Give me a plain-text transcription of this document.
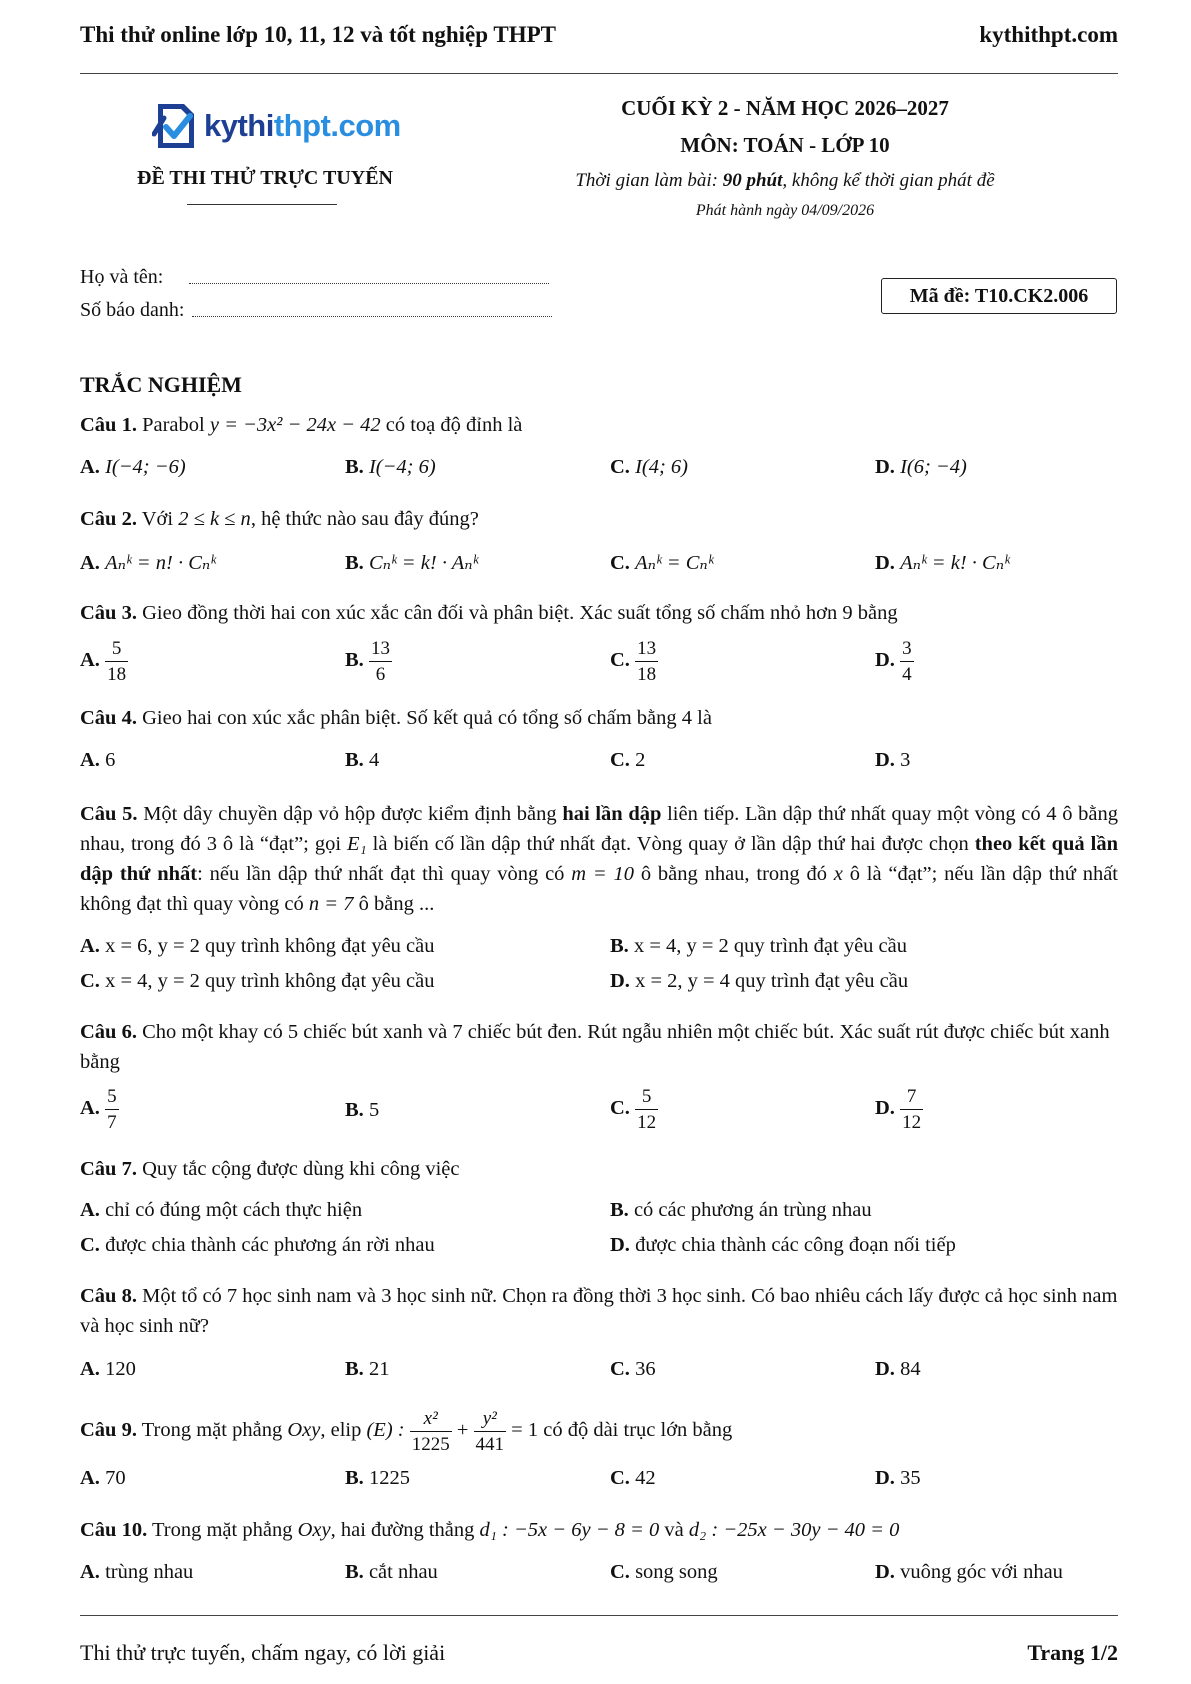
Thi thử online lớp 10, 11, 12 và tốt nghiệp THPT	kythithpt.com
kythithpt.com
ĐỀ THI THỬ TRỰC TUYẾN
CUỐI KỲ 2 - NĂM HỌC 2026–2027
MÔN: TOÁN - LỚP 10
Thời gian làm bài: 90 phút, không kể thời gian phát đề
Phát hành ngày 04/09/2026
Họ và tên:
Số báo danh:
Mã đề: T10.CK2.006
TRẮC NGHIỆM
Câu 1. Parabol y = −3x² − 24x − 42 có toạ độ đỉnh là
A. I(−4; −6)	B. I(−4; 6)	C. I(4; 6)	D. I(6; −4)
Câu 2. Với 2 ≤ k ≤ n, hệ thức nào sau đây đúng?
A. Aₙᵏ = n! · Cₙᵏ	B. Cₙᵏ = k! · Aₙᵏ	C. Aₙᵏ = Cₙᵏ	D. Aₙᵏ = k! · Cₙᵏ
Câu 3. Gieo đồng thời hai con xúc xắc cân đối và phân biệt. Xác suất tổng số chấm nhỏ hơn 9 bằng
A. $\frac{5}{18}$	B. $\frac{13}{6}$	C. $\frac{13}{18}$	D. $\frac{3}{4}$
Câu 4. Gieo hai con xúc xắc phân biệt. Số kết quả có tổng số chấm bằng 4 là
A. 6	B. 4	C. 2	D. 3
Câu 5. Một dây chuyền dập vỏ hộp được kiểm định bằng hai lần dập liên tiếp. Lần dập thứ nhất quay một vòng có 4 ô bằng nhau, trong đó 3 ô là “đạt”; gọi E₁ là biến cố lần dập thứ nhất đạt. Vòng quay ở lần dập thứ hai được chọn theo kết quả lần dập thứ nhất: nếu lần dập thứ nhất đạt thì quay vòng có m = 10 ô bằng nhau, trong đó x ô là “đạt”; nếu lần dập thứ nhất không đạt thì quay vòng có n = 7 ô bằng ...
A. x = 6, y = 2 quy trình không đạt yêu cầu	B. x = 4, y = 2 quy trình đạt yêu cầu
C. x = 4, y = 2 quy trình không đạt yêu cầu	D. x = 2, y = 4 quy trình đạt yêu cầu
Câu 6. Cho một khay có 5 chiếc bút xanh và 7 chiếc bút đen. Rút ngẫu nhiên một chiếc bút. Xác suất rút được chiếc bút xanh bằng
A. $\frac{5}{7}$	B. 5	C. $\frac{5}{12}$	D. $\frac{7}{12}$
Câu 7. Quy tắc cộng được dùng khi công việc
A. chỉ có đúng một cách thực hiện	B. có các phương án trùng nhau
C. được chia thành các phương án rời nhau	D. được chia thành các công đoạn nối tiếp
Câu 8. Một tổ có 7 học sinh nam và 3 học sinh nữ. Chọn ra đồng thời 3 học sinh. Có bao nhiêu cách lấy được cả học sinh nam và học sinh nữ?
A. 120	B. 21	C. 36	D. 84
Câu 9. Trong mặt phẳng Oxy, elip (E) : $\frac{\text{x²}}{1225} + \frac{\text{y²}}{441} = 1$ có độ dài trục lớn bằng
A. 70	B. 1225	C. 42	D. 35
Câu 10. Trong mặt phẳng Oxy, hai đường thẳng d₁ : −5x − 6y − 8 = 0 và d₂ : −25x − 30y − 40 = 0
A. trùng nhau	B. cắt nhau	C. song song	D. vuông góc với nhau
Thi thử trực tuyến, chấm ngay, có lời giải	Trang 1/2
